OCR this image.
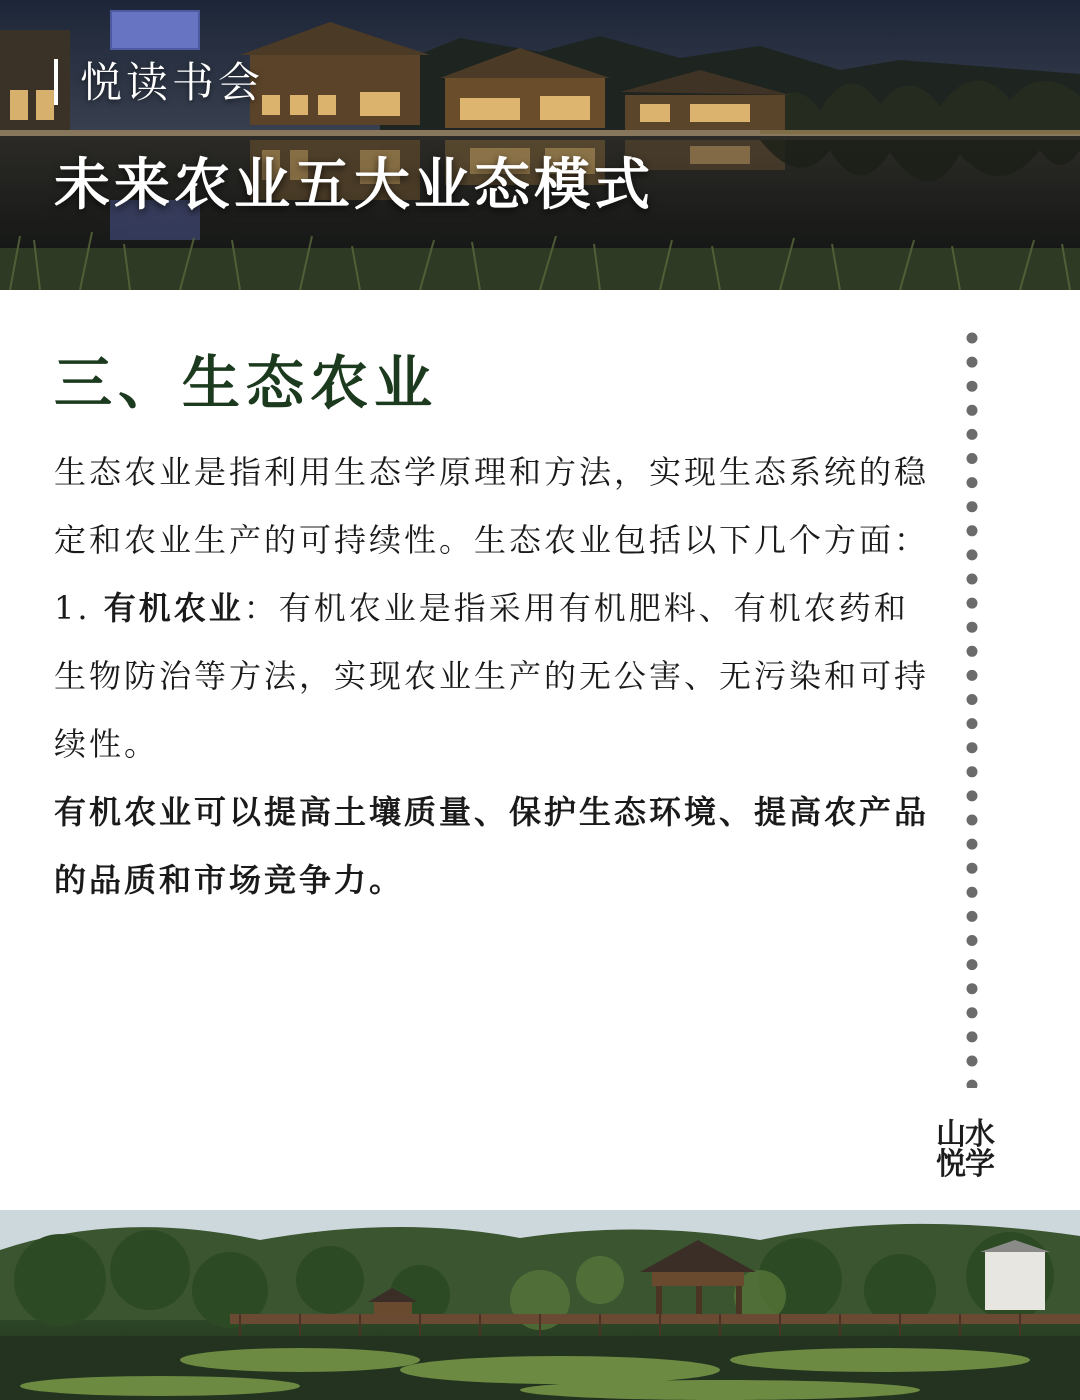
悦读书会
未来农业五大业态模式
三、生态农业

生态农业是指利用生态学原理和方法，实现生态系统的稳定和农业生产的可持续性。生态农业包括以下几个方面：

1. 有机农业：有机农业是指采用有机肥料、有机农药和生物防治等方法，实现农业生产的无公害、无污染和可持续性。

有机农业可以提高土壤质量、保护生态环境、提高农产品的品质和市场竞争力。

山水
悦学
